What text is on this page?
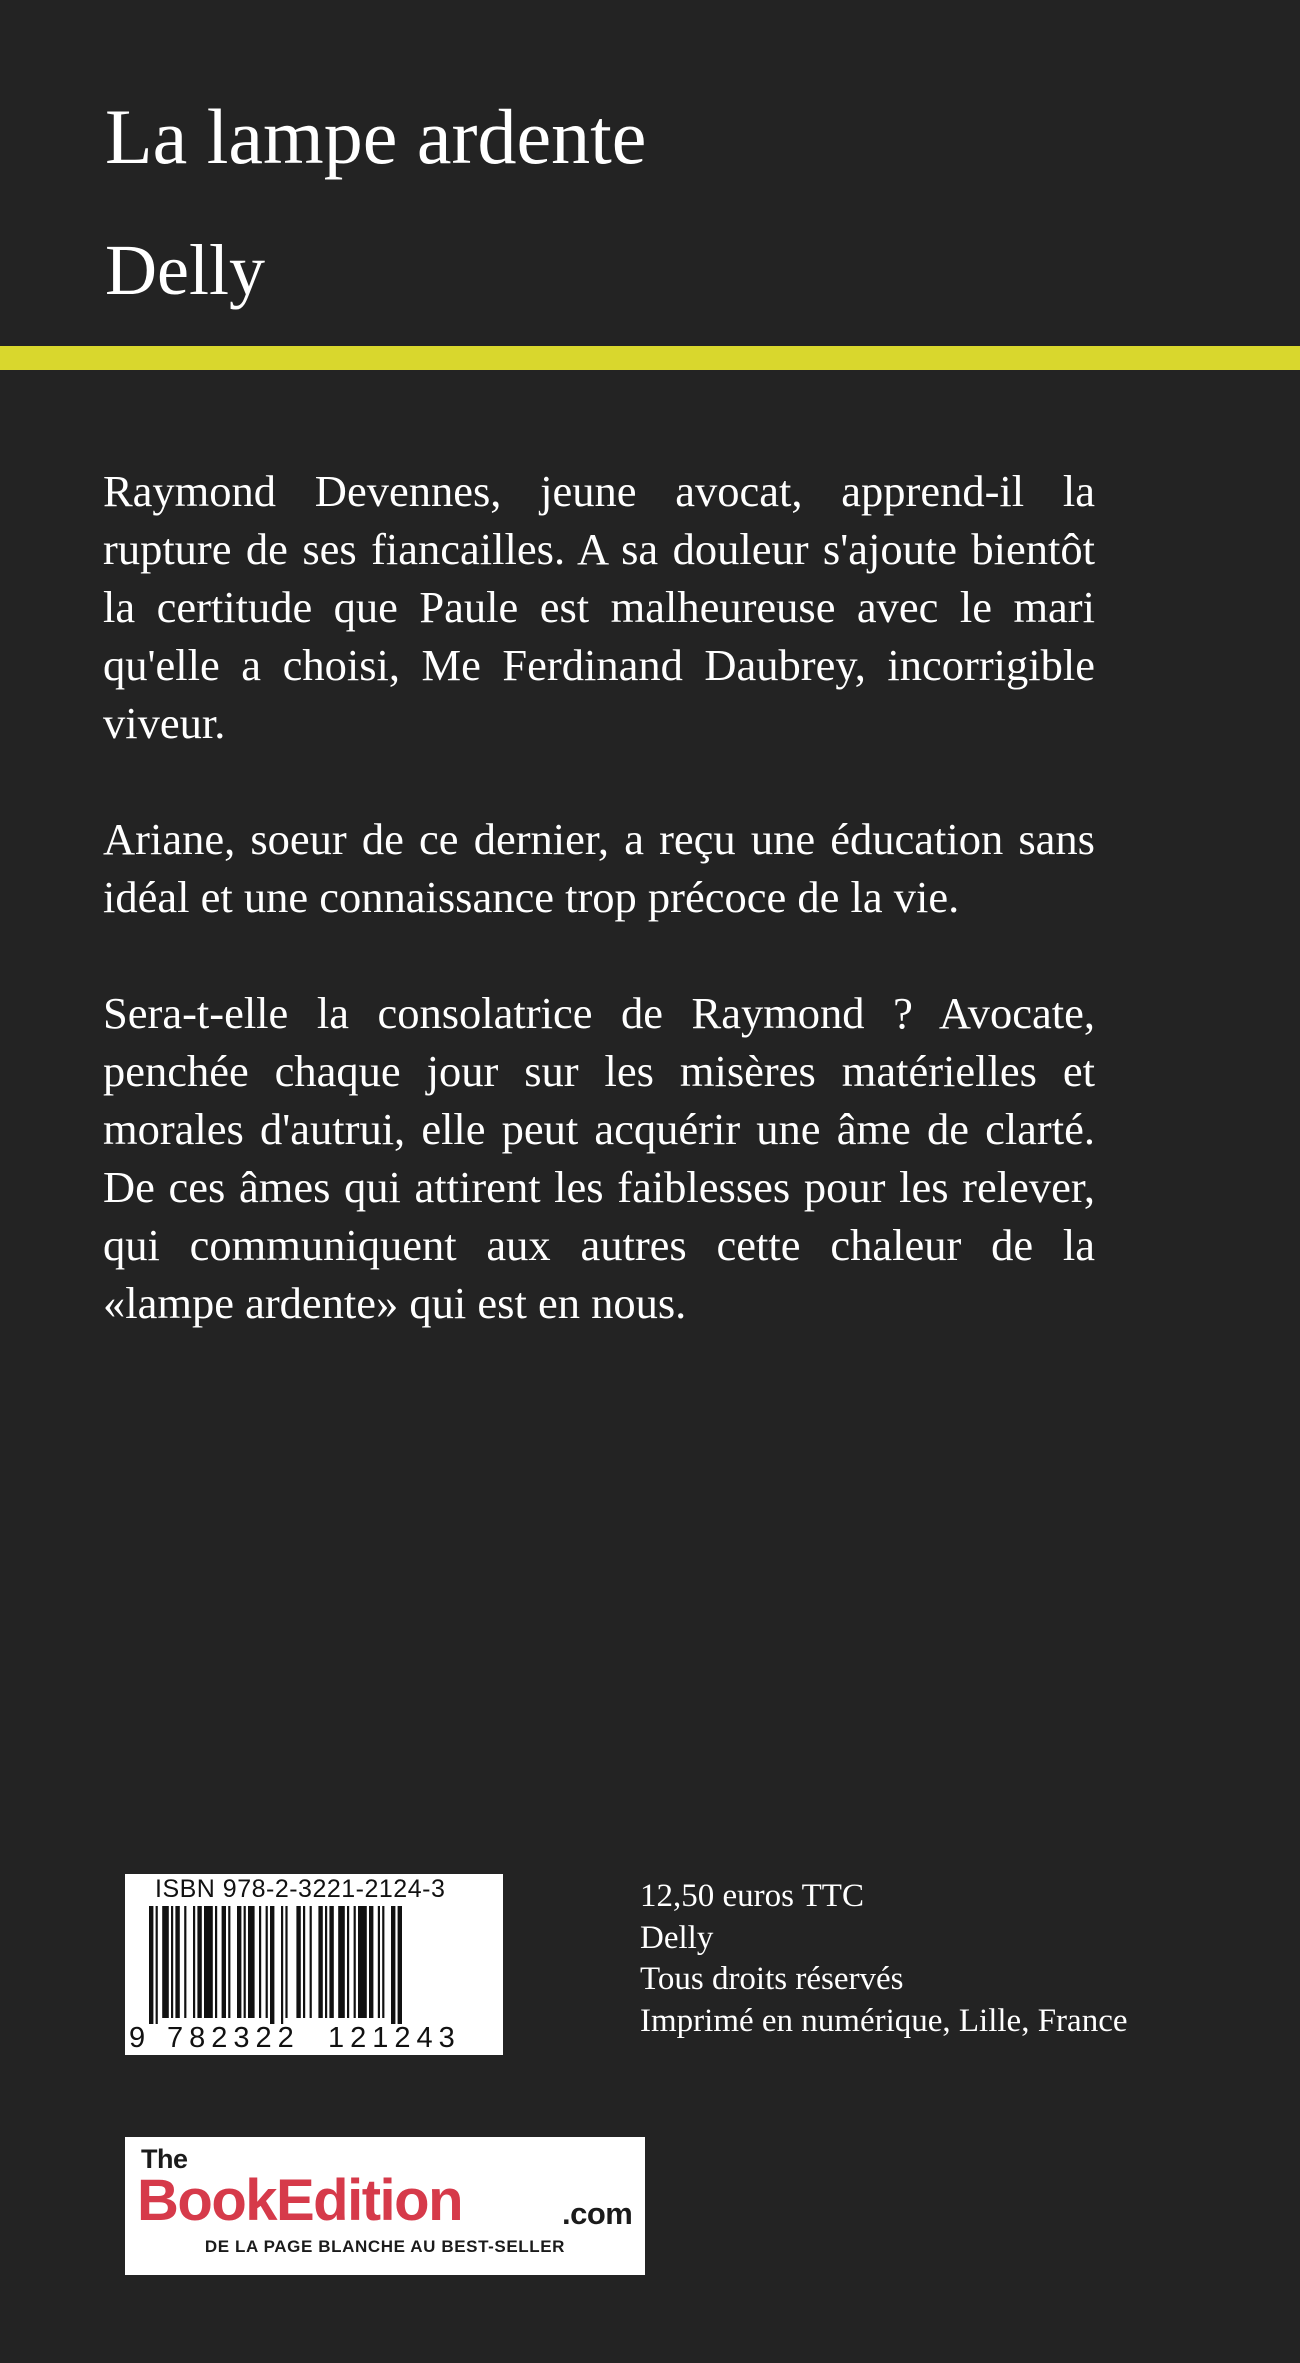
La lampe ardente
Delly

Raymond Devennes, jeune avocat, apprend-il la rupture de ses fiancailles. A sa douleur s'ajoute bientôt la certitude que Paule est malheureuse avec le mari qu'elle a choisi, Me Ferdinand Daubrey, incorrigible viveur.

Ariane, soeur de ce dernier, a reçu une éducation sans idéal et une connaissance trop précoce de la vie.

Sera-t-elle la consolatrice de Raymond ? Avocate, penchée chaque jour sur les misères matérielles et morales d'autrui, elle peut acquérir une âme de clarté. De ces âmes qui attirent les faiblesses pour les relever, qui communiquent aux autres cette chaleur de la «lampe ardente» qui est en nous.

ISBN 978-2-3221-2124-3
9 782322 121243
12,50 euros TTC
Delly
Tous droits réservés
Imprimé en numérique, Lille, France
The
BookEdition	.com
DE LA PAGE BLANCHE AU BEST-SELLER
